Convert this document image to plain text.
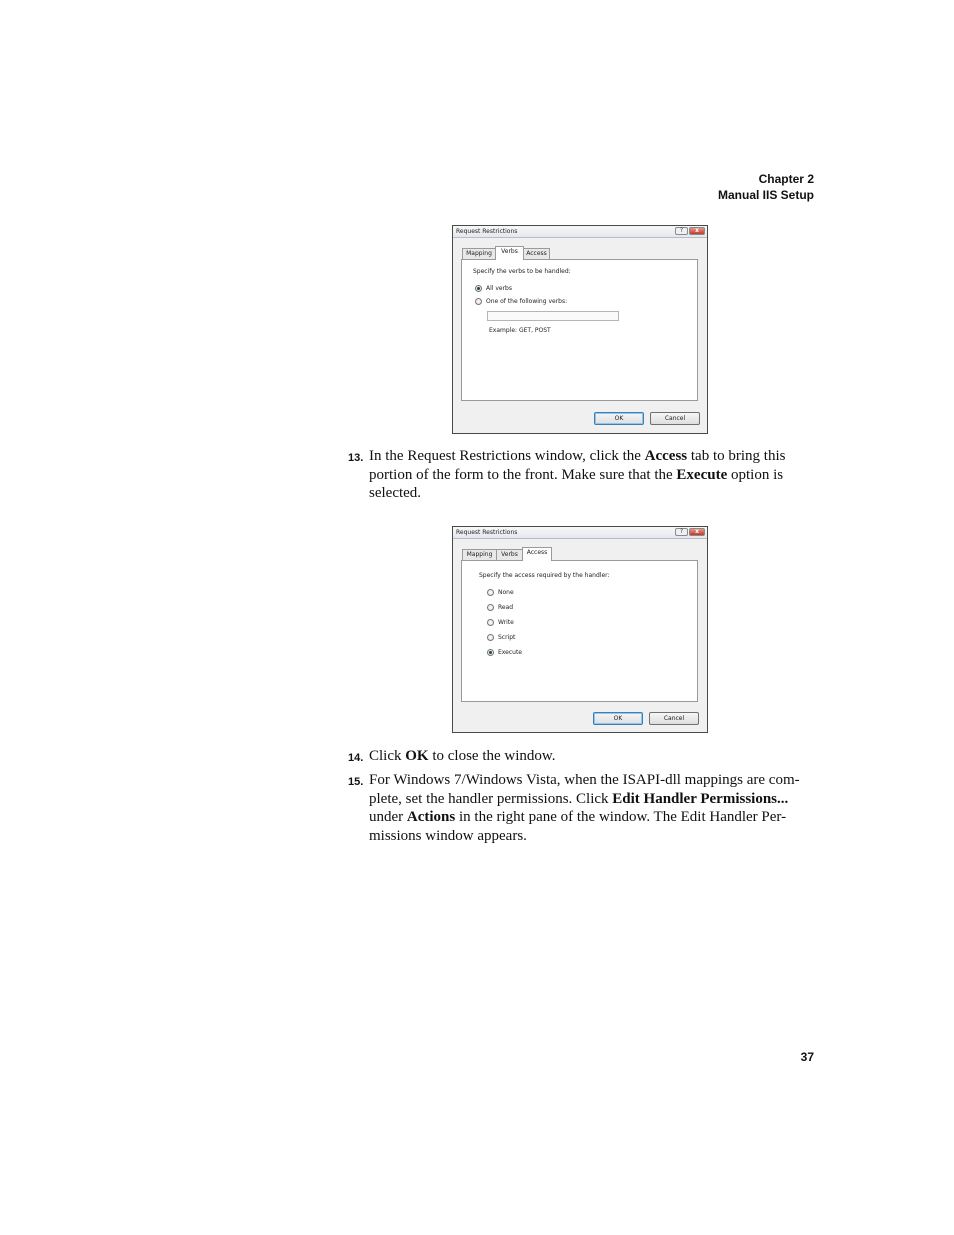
Chapter 2
Manual IIS Setup
Request Restrictions	?	x
Mapping	Verbs	Access
Specify the verbs to be handled:
All verbs
One of the following verbs:
Example: GET, POST
OK	Cancel
13. In the Request Restrictions window, click the Access tab to bring this portion of the form to the front. Make sure that the Execute option is selected.
Request Restrictions	?	x
Mapping	Verbs	Access
Specify the access required by the handler:
None
Read
Write
Script
Execute
OK	Cancel
14. Click OK to close the window.
15. For Windows 7/Windows Vista, when the ISAPI-dll mappings are com-plete, set the handler permissions. Click Edit Handler Permissions... under Actions in the right pane of the window. The Edit Handler Per-missions window appears.
37
